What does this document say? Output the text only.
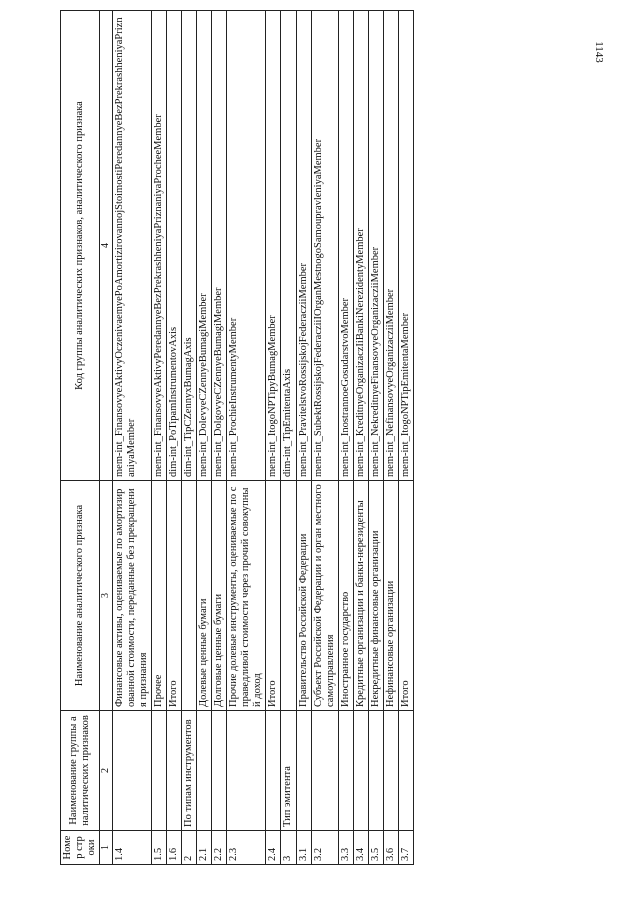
1143
Номер строки	Наименование группы аналитических признаков	Наименование аналитического признака	Код группы аналитических признаков, аналитического признака
1	2	3	4
1.4		Финансовые активы, оцениваемые по амортизированной стоимости, переданные без прекращения признания	mem-int_FinansovyeAktivyOczenivaemyePoAmortizirovannojStoimostiPeredannyeBezPrekrashheniyaPriznaniyaMember
1.5		Прочее	mem-int_FinansovyeAktivyPeredannyeBezPrekrashheniyaPriznaniyaProcheeMember
1.6		Итого	dim-int_PoTipamInstrumentovAxis
2	По типам инструментов		dim-int_TipCZennyxBumagAxis
2.1		Долевые ценные бумаги	mem-int_DolevyeCZennyeBumagiMember
2.2		Долговые ценные бумаги	mem-int_DolgovyeCZennyeBumagiMember
2.3		Прочие долевые инструменты, оцениваемые по справедливой стоимости через прочий совокупный доход	mem-int_ProchieInstrumentyMember
2.4		Итого	mem-int_ItogoNPTipyBumagMember
3	Тип эмитента		dim-int_TipEmitentaAxis
3.1		Правительство Российской Федерации	mem-int_PravitelstvoRossijskojFederacziiMember
3.2		Субъект Российской Федерации и орган местного самоуправления	mem-int_SubektRossijskojFederacziiIOrganMestnogoSamoupravleniyaMember
3.3		Иностранное государство	mem-int_InostrannoeGosudarstvoMember
3.4		Кредитные организации и банки-нерезиденты	mem-int_KreditnyeOrganizaczIiBankiNerezidentyMember
3.5		Некредитные финансовые организации	mem-int_NekreditnyeFinansovyeOrganizacziiMember
3.6		Нефинансовые организации	mem-int_NefinansovyeOrganizacziiMember
3.7		Итого	mem-int_ItogoNPTipEmitentaMember
